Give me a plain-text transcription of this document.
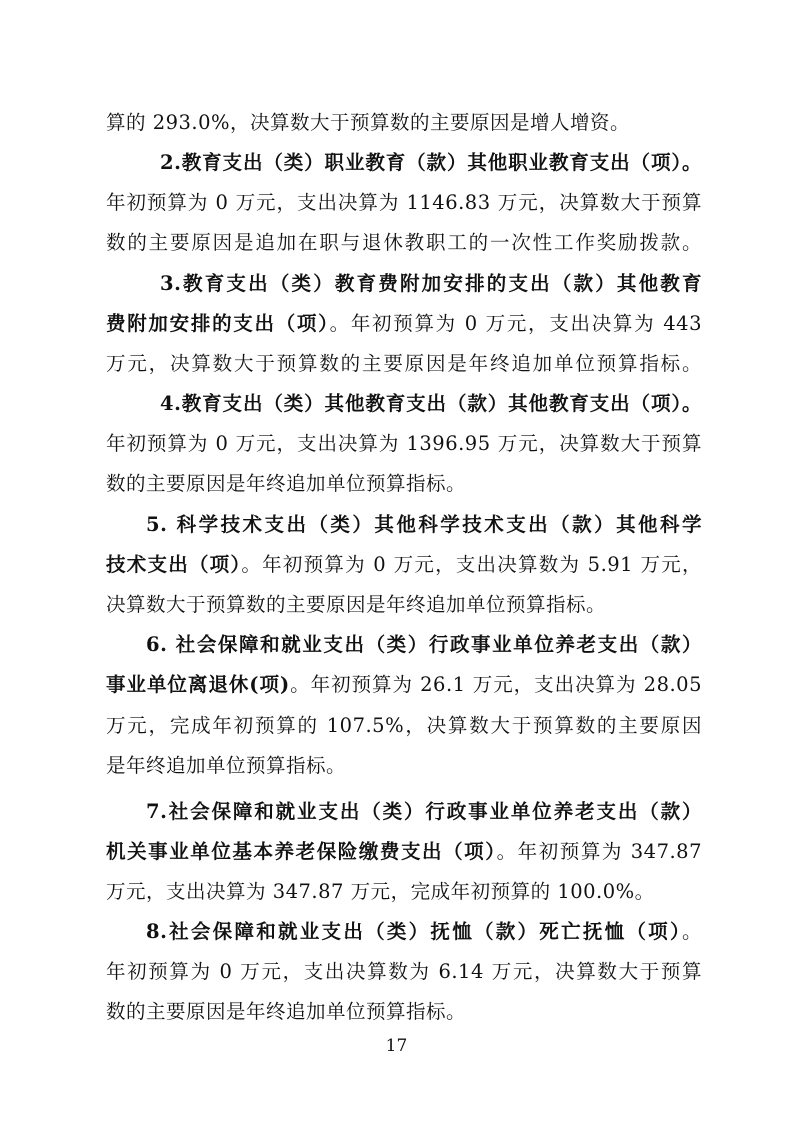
算的 293.0%，决算数大于预算数的主要原因是增人增资。
2.教育支出（类）职业教育（款）其他职业教育支出（项）。
年初预算为 0 万元，支出决算为 1146.83 万元，决算数大于预算
数的主要原因是追加在职与退休教职工的一次性工作奖励拨款。
3.教育支出（类）教育费附加安排的支出（款）其他教育
费附加安排的支出（项）。年初预算为 0 万元，支出决算为 443
万元，决算数大于预算数的主要原因是年终追加单位预算指标。
4.教育支出（类）其他教育支出（款）其他教育支出（项）。
年初预算为 0 万元，支出决算为 1396.95 万元，决算数大于预算
数的主要原因是年终追加单位预算指标。
5. 科学技术支出（类）其他科学技术支出（款）其他科学
技术支出（项）。年初预算为 0 万元，支出决算数为 5.91 万元，
决算数大于预算数的主要原因是年终追加单位预算指标。
6. 社会保障和就业支出（类）行政事业单位养老支出（款）
事业单位离退休(项)。年初预算为 26.1 万元，支出决算为 28.05
万元，完成年初预算的 107.5%，决算数大于预算数的主要原因
是年终追加单位预算指标。
7.社会保障和就业支出（类）行政事业单位养老支出（款）
机关事业单位基本养老保险缴费支出（项）。年初预算为 347.87
万元，支出决算为 347.87 万元，完成年初预算的 100.0%。
8.社会保障和就业支出（类）抚恤（款）死亡抚恤（项）。
年初预算为 0 万元，支出决算数为 6.14 万元，决算数大于预算
数的主要原因是年终追加单位预算指标。
17
